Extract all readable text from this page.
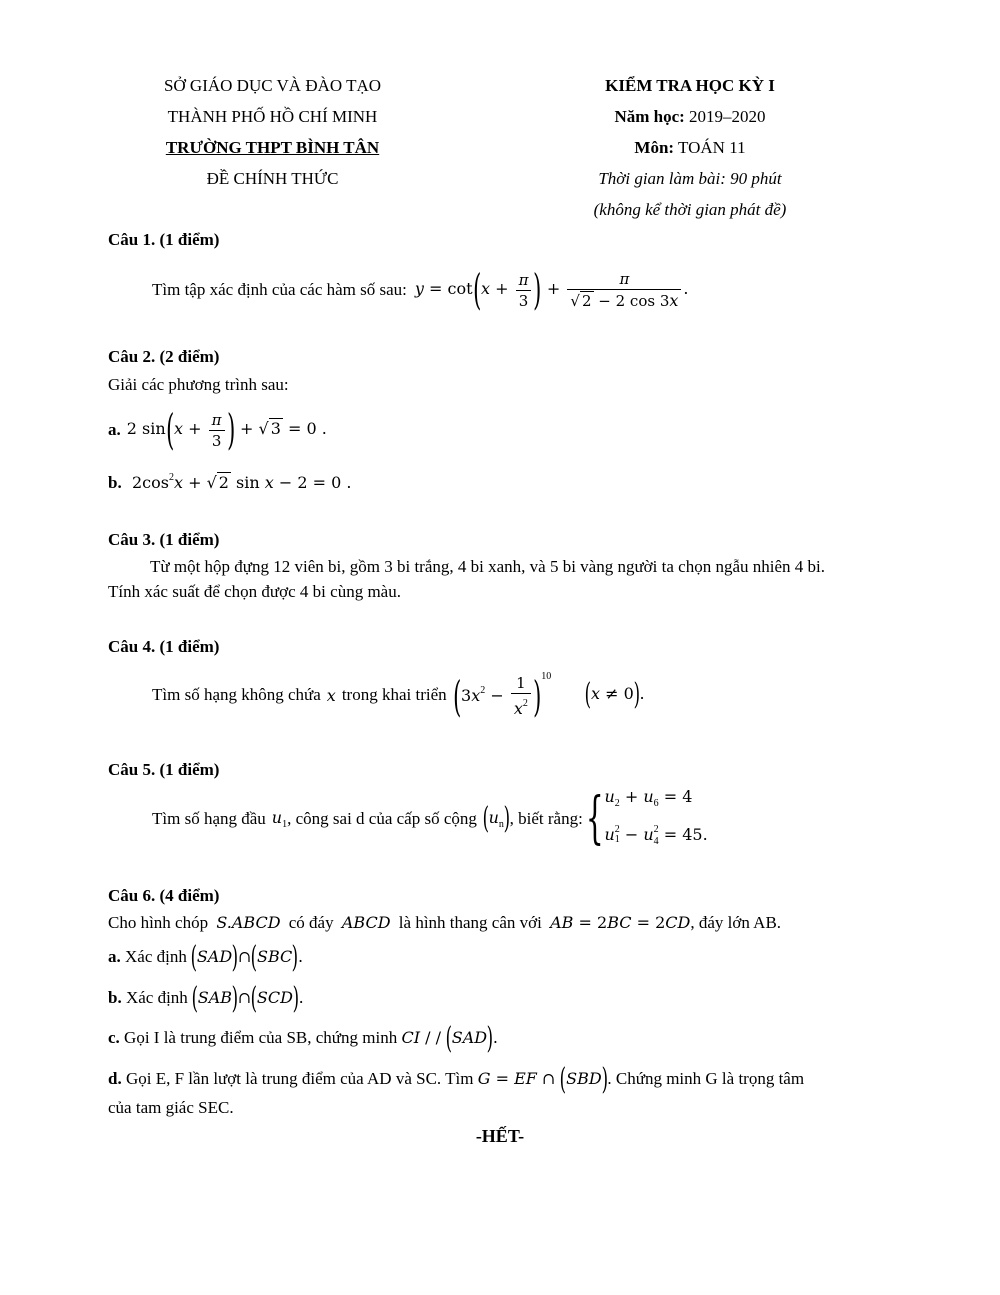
SỞ GIÁO DỤC VÀ ĐÀO TẠO
THÀNH PHỐ HỒ CHÍ MINH
TRƯỜNG THPT BÌNH TÂN
ĐỀ CHÍNH THỨC
KIỂM TRA HỌC KỲ I
Năm học: 2019–2020
Môn: TOÁN 11
Thời gian làm bài: 90 phút
(không kể thời gian phát đề)
Câu 1. (1 điểm)
Tìm tập xác định của các hàm số sau: $y = \cot(x + \frac{\pi}{3}$ ) + $\frac{\pi}{√ 2 - 2 \cos 3x}$ .
Câu 2. (2 điểm)
Giải các phương trình sau:
a. 2 $\sin(x + \frac{\pi}{3}$ ) + √ 3 = 0 .
b. $2\cos^2x$ + √ 2 sin x − 2 = 0 .
Câu 3. (1 điểm)
Từ một hộp đựng 12 viên bi, gồm 3 bi trắng, 4 bi xanh, và 5 bi vàng người ta chọn ngẫu nhiên 4 bi.
Tính xác suất để chọn được 4 bi cùng màu.
Câu 4. (1 điểm)
Tìm số hạng không chứa x trong khai triển $(3x^2 - \frac{1}{x^2} )^{10}$
(x ≠ 0).
Câu 5. (1 điểm)
Tìm số hạng đầu $u_1$ , công sai d của cấp số cộng $(u_n)$ , biết rằng: { $u_2 + u_6 = 4$
$u_1^2 - u_4^2 = 45$.
Câu 6. (4 điểm)
Cho hình chóp S.ABCD có đáy ABCD là hình thang cân với AB = 2BC = 2CD, đáy lớn AB.
a. Xác định (SAD)∩(SBC).
b. Xác định (SAB)∩(SCD).
c. Gọi I là trung điểm của SB, chứng minh CI / / (SAD).
d. Gọi E, F lần lượt là trung điểm của AD và SC. Tìm G = EF ∩ (SBD). Chứng minh G là trọng tâm
của tam giác SEC.
-HẾT-
